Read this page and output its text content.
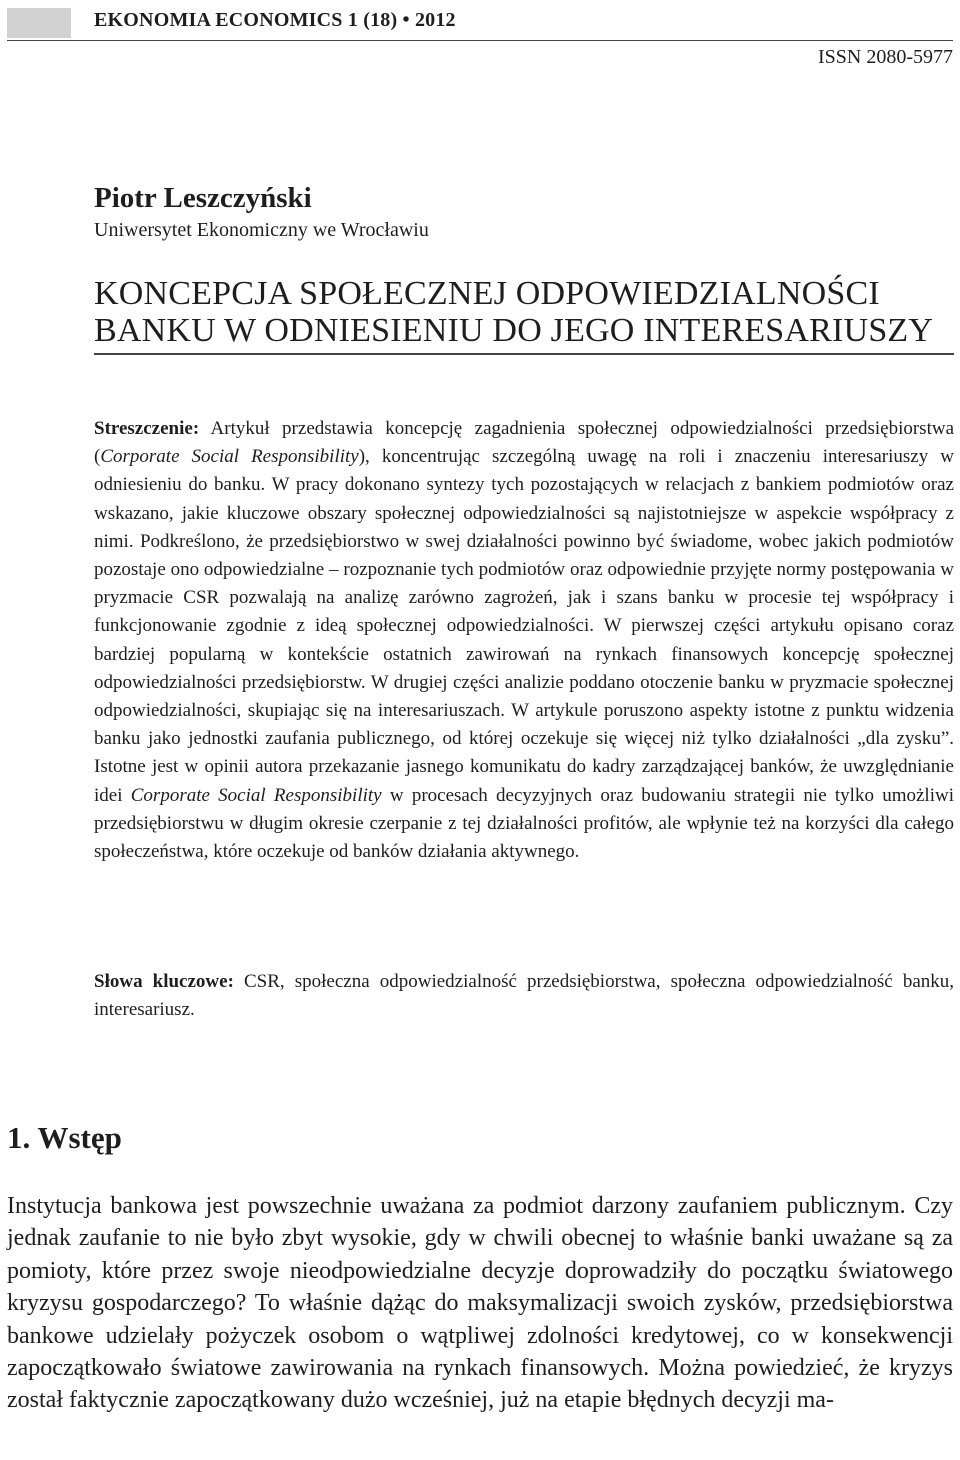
EKONOMIA ECONOMICS 1 (18) • 2012
ISSN 2080-5977
Piotr Leszczyński
Uniwersytet Ekonomiczny we Wrocławiu
KONCEPCJA SPOŁECZNEJ ODPOWIEDZIALNOŚCI
BANKU W ODNIESIENIU DO JEGO INTERESARIUSZY

Streszczenie: Artykuł przedstawia koncepcję zagadnienia społecznej odpowiedzialności przedsiębiorstwa (Corporate Social Responsibility), koncentrując szczególną uwagę na roli i znaczeniu interesariuszy w odniesieniu do banku. W pracy dokonano syntezy tych pozostających w relacjach z bankiem podmiotów oraz wskazano, jakie kluczowe obszary społecznej odpowiedzialności są najistotniejsze w aspekcie współpracy z nimi. Podkreślono, że przedsiębiorstwo w swej działalności powinno być świadome, wobec jakich podmiotów pozostaje ono odpowiedzialne – rozpoznanie tych podmiotów oraz odpowiednie przyjęte normy postępowania w pryzmacie CSR pozwalają na analizę zarówno zagrożeń, jak i szans banku w procesie tej współpracy i funkcjonowanie zgodnie z ideą społecznej odpowiedzialności. W pierwszej części artykułu opisano coraz bardziej popularną w kontekście ostatnich zawirowań na rynkach finansowych koncepcję społecznej odpowiedzialności przedsiębiorstw. W drugiej części analizie poddano otoczenie banku w pryzmacie społecznej odpowiedzialności, skupiając się na interesariuszach. W artykule poruszono aspekty istotne z punktu widzenia banku jako jednostki zaufania publicznego, od której oczekuje się więcej niż tylko działalności „dla zysku”. Istotne jest w opinii autora przekazanie jasnego komunikatu do kadry zarządzającej banków, że uwzględnianie idei Corporate Social Responsibility w procesach decyzyjnych oraz budowaniu strategii nie tylko umożliwi przedsiębiorstwu w długim okresie czerpanie z tej działalności profitów, ale wpłynie też na korzyści dla całego społeczeństwa, które oczekuje od banków działania aktywnego.

Słowa kluczowe: CSR, społeczna odpowiedzialność przedsiębiorstwa, społeczna odpowiedzialność banku, interesariusz.

1. Wstęp

Instytucja bankowa jest powszechnie uważana za podmiot darzony zaufaniem publicznym. Czy jednak zaufanie to nie było zbyt wysokie, gdy w chwili obecnej to właśnie banki uważane są za pomioty, które przez swoje nieodpowiedzialne decyzje doprowadziły do początku światowego kryzysu gospodarczego? To właśnie dążąc do maksymalizacji swoich zysków, przedsiębiorstwa bankowe udzielały pożyczek osobom o wątpliwej zdolności kredytowej, co w konsekwencji zapoczątkowało światowe zawirowania na rynkach finansowych. Można powiedzieć, że kryzys został faktycznie zapoczątkowany dużo wcześniej, już na etapie błędnych decyzji ma-
